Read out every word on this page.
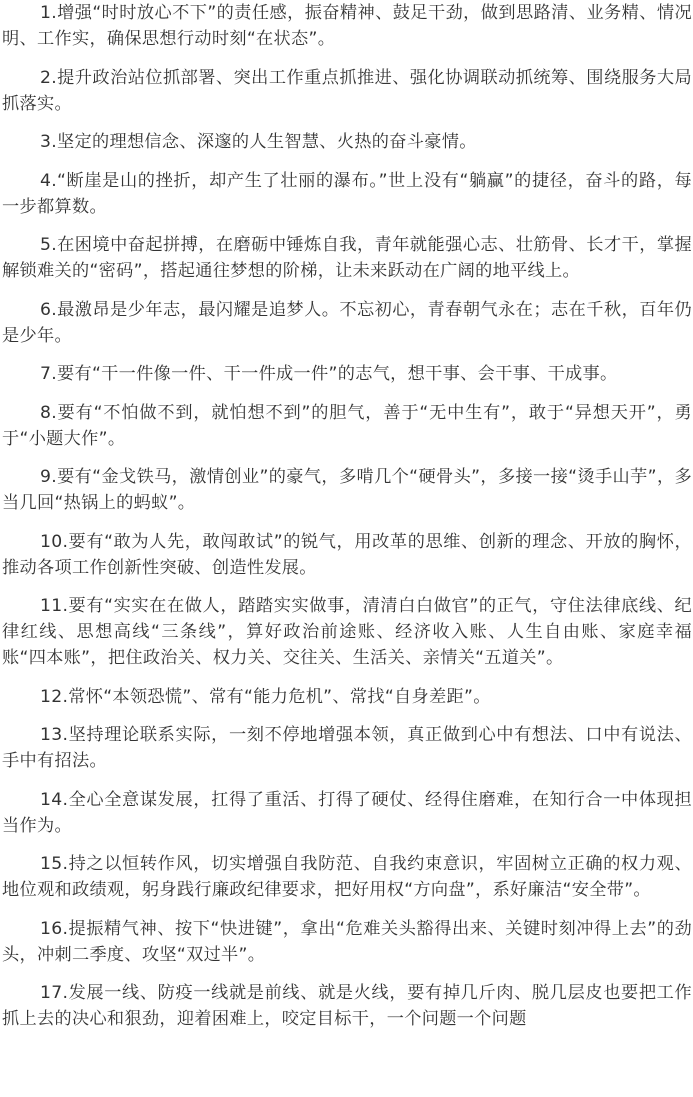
1.增强“时时放心不下”的责任感，振奋精神、鼓足干劲，做到思路清、业务精、情况明、工作实，确保思想行动时刻“在状态”。

2.提升政治站位抓部署、突出工作重点抓推进、强化协调联动抓统筹、围绕服务大局抓落实。

3.坚定的理想信念、深邃的人生智慧、火热的奋斗豪情。

4.“断崖是山的挫折，却产生了壮丽的瀑布。”世上没有“躺赢”的捷径，奋斗的路，每一步都算数。

5.在困境中奋起拼搏，在磨砺中锤炼自我，青年就能强心志、壮筋骨、长才干，掌握解锁难关的“密码”，搭起通往梦想的阶梯，让未来跃动在广阔的地平线上。

6.最激昂是少年志，最闪耀是追梦人。不忘初心，青春朝气永在；志在千秋，百年仍是少年。

7.要有“干一件像一件、干一件成一件”的志气，想干事、会干事、干成事。

8.要有“不怕做不到，就怕想不到”的胆气，善于“无中生有”，敢于“异想天开”，勇于“小题大作”。

9.要有“金戈铁马，激情创业”的豪气，多啃几个“硬骨头”，多接一接“烫手山芋”，多当几回“热锅上的蚂蚁”。

10.要有“敢为人先，敢闯敢试”的锐气，用改革的思维、创新的理念、开放的胸怀，推动各项工作创新性突破、创造性发展。

11.要有“实实在在做人，踏踏实实做事，清清白白做官”的正气，守住法律底线、纪律红线、思想高线“三条线”，算好政治前途账、经济收入账、人生自由账、家庭幸福账“四本账”，把住政治关、权力关、交往关、生活关、亲情关“五道关”。

12.常怀“本领恐慌”、常有“能力危机”、常找“自身差距”。

13.坚持理论联系实际，一刻不停地增强本领，真正做到心中有想法、口中有说法、手中有招法。

14.全心全意谋发展，扛得了重活、打得了硬仗、经得住磨难，在知行合一中体现担当作为。

15.持之以恒转作风，切实增强自我防范、自我约束意识，牢固树立正确的权力观、地位观和政绩观，躬身践行廉政纪律要求，把好用权“方向盘”，系好廉洁“安全带”。

16.提振精气神、按下“快进键”，拿出“危难关头豁得出来、关键时刻冲得上去”的劲头，冲刺二季度、攻坚“双过半”。

17.发展一线、防疫一线就是前线、就是火线，要有掉几斤肉、脱几层皮也要把工作抓上去的决心和狠劲，迎着困难上，咬定目标干，一个问题一个问题
